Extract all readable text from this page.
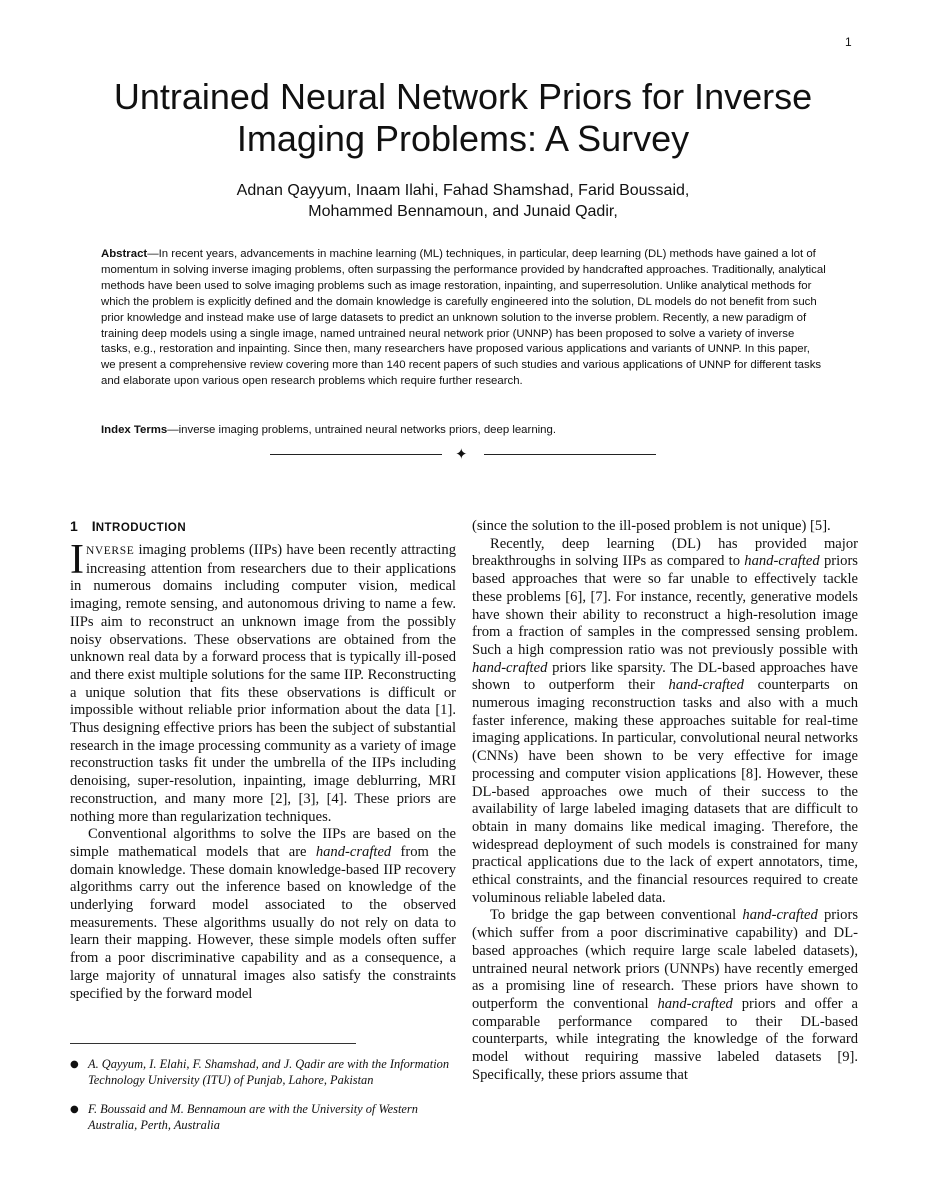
1
Untrained Neural Network Priors for Inverse
Imaging Problems: A Survey
Adnan Qayyum, Inaam Ilahi, Fahad Shamshad, Farid Boussaid,
Mohammed Bennamoun, and Junaid Qadir,
Abstract—In recent years, advancements in machine learning (ML) techniques, in particular, deep learning (DL) methods have gained a lot of momentum in solving inverse imaging problems, often surpassing the performance provided by handcrafted approaches. Traditionally, analytical methods have been used to solve imaging problems such as image restoration, inpainting, and superresolution. Unlike analytical methods for which the problem is explicitly defined and the domain knowledge is carefully engineered into the solution, DL models do not benefit from such prior knowledge and instead make use of large datasets to predict an unknown solution to the inverse problem. Recently, a new paradigm of training deep models using a single image, named untrained neural network prior (UNNP) has been proposed to solve a variety of inverse tasks, e.g., restoration and inpainting. Since then, many researchers have proposed various applications and variants of UNNP. In this paper, we present a comprehensive review covering more than 140 recent papers of such studies and various applications of UNNP for different tasks and elaborate upon various open research problems which require further research.
Index Terms—inverse imaging problems, untrained neural networks priors, deep learning.
✦
1 INTRODUCTION

INVERSE imaging problems (IIPs) have been recently attracting increasing attention from researchers due to their applications in numerous domains including computer vision, medical imaging, remote sensing, and autonomous driving to name a few. IIPs aim to reconstruct an unknown image from the possibly noisy observations. These observations are obtained from the unknown real data by a forward process that is typically ill-posed and there exist multiple solutions for the same IIP. Reconstructing a unique solution that fits these observations is difficult or impossible without reliable prior information about the data [1]. Thus designing effective priors has been the subject of substantial research in the image processing community as a variety of image reconstruction tasks fit under the umbrella of the IIPs including denoising, super-resolution, inpainting, image deblurring, MRI reconstruction, and many more [2], [3], [4]. These priors are nothing more than regularization techniques.

Conventional algorithms to solve the IIPs are based on the simple mathematical models that are hand-crafted from the domain knowledge. These domain knowledge-based IIP recovery algorithms carry out the inference based on knowledge of the underlying forward model associated to the observed measurements. These algorithms usually do not rely on data to learn their mapping. However, these simple models often suffer from a poor discriminative capability and as a consequence, a large majority of unnatural images also satisfy the constraints specified by the forward model

(since the solution to the ill-posed problem is not unique) [5].

Recently, deep learning (DL) has provided major breakthroughs in solving IIPs as compared to hand-crafted priors based approaches that were so far unable to effectively tackle these problems [6], [7]. For instance, recently, generative models have shown their ability to reconstruct a high-resolution image from a fraction of samples in the compressed sensing problem. Such a high compression ratio was not previously possible with hand-crafted priors like sparsity. The DL-based approaches have shown to outperform their hand-crafted counterparts on numerous imaging reconstruction tasks and also with a much faster inference, making these approaches suitable for real-time imaging applications. In particular, convolutional neural networks (CNNs) have been shown to be very effective for image processing and computer vision applications [8]. However, these DL-based approaches owe much of their success to the availability of large labeled imaging datasets that are difficult to obtain in many domains like medical imaging. Therefore, the widespread deployment of such models is constrained for many practical applications due to the lack of expert annotators, time, ethical constraints, and the financial resources required to create voluminous reliable labeled data.

To bridge the gap between conventional hand-crafted priors (which suffer from a poor discriminative capability) and DL-based approaches (which require large scale labeled datasets), untrained neural network priors (UNNPs) have recently emerged as a promising line of research. These priors have shown to outperform the conventional hand-crafted priors and offer a comparable performance compared to their DL-based counterparts, while integrating the knowledge of the forward model without requiring massive labeled datasets [9]. Specifically, these priors assume that

● A. Qayyum, I. Elahi, F. Shamshad, and J. Qadir are with the Information Technology University (ITU) of Punjab, Lahore, Pakistan
● F. Boussaid and M. Bennamoun are with the University of Western Australia, Perth, Australia
